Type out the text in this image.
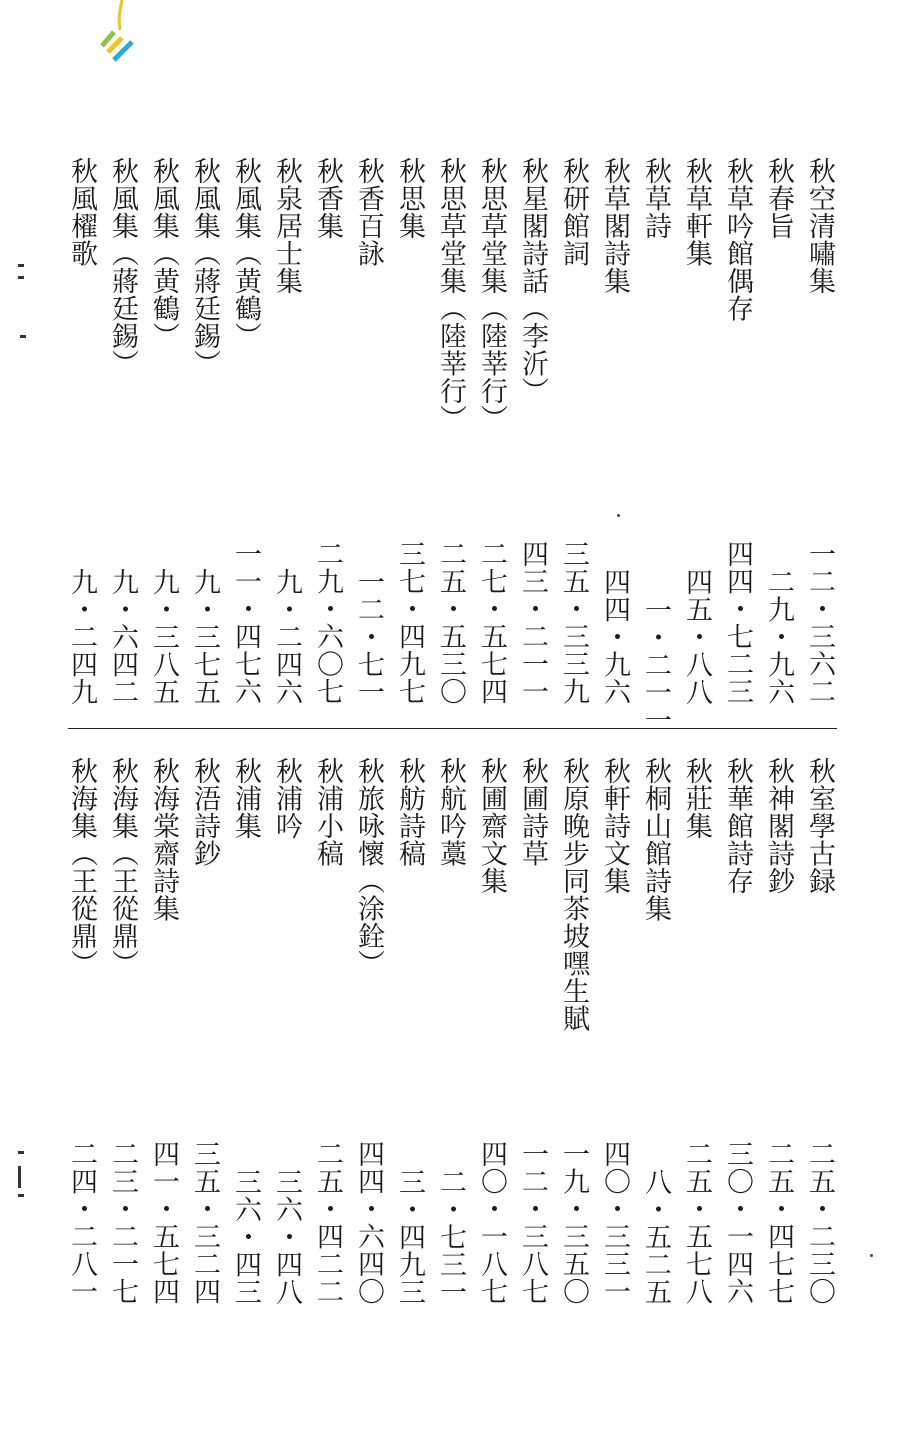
秋空清嘯集
秋春旨
秋草吟館偶存
秋草軒集
秋草詩
秋草閣詩集
秋研館詞
秋星閣詩話（李沂）
秋思草堂集（陸莘行）
秋思草堂集（陸莘行）
秋思集
秋香百詠
秋香集
秋泉居士集
秋風集（黄鶴）
秋風集（蔣廷錫）
秋風集（黄鶴）
秋風集（蔣廷錫）
秋風櫂歌
一二・三六二
二九・九六
四四・七二三
四五・八八
一・二一一
四四・九六
三五・三三九
四三・二一一
二七・五七四
二五・五三〇
三七・四九七
一二・七一
二九・六〇七
九・二四六
一一・四七六
九・三七五
九・三八五
九・六四二
九・二四九
秋室學古録
秋神閣詩鈔
秋華館詩存
秋莊集
秋桐山館詩集
秋軒詩文集
秋原晚步同茶坡嘿生賦
秋圃詩草
秋圃齋文集
秋航吟藁
秋舫詩稿
秋旅咏懷（涂銓）
秋浦小稿
秋浦吟
秋浦集
秋浯詩鈔
秋海棠齋詩集
秋海集（王從鼎）
秋海集（王從鼎）
二五・二三〇
二五・四七七
三〇・一四六
二五・五七八
八・五二五
四〇・三三一
一九・三五〇
一二・三八七
四〇・一八七
二・七三一
三・四九三
四四・六四〇
二五・四二二
三六・四八
三六・四三
三五・三二四
四一・五七四
二三・二一七
二四・二八一
